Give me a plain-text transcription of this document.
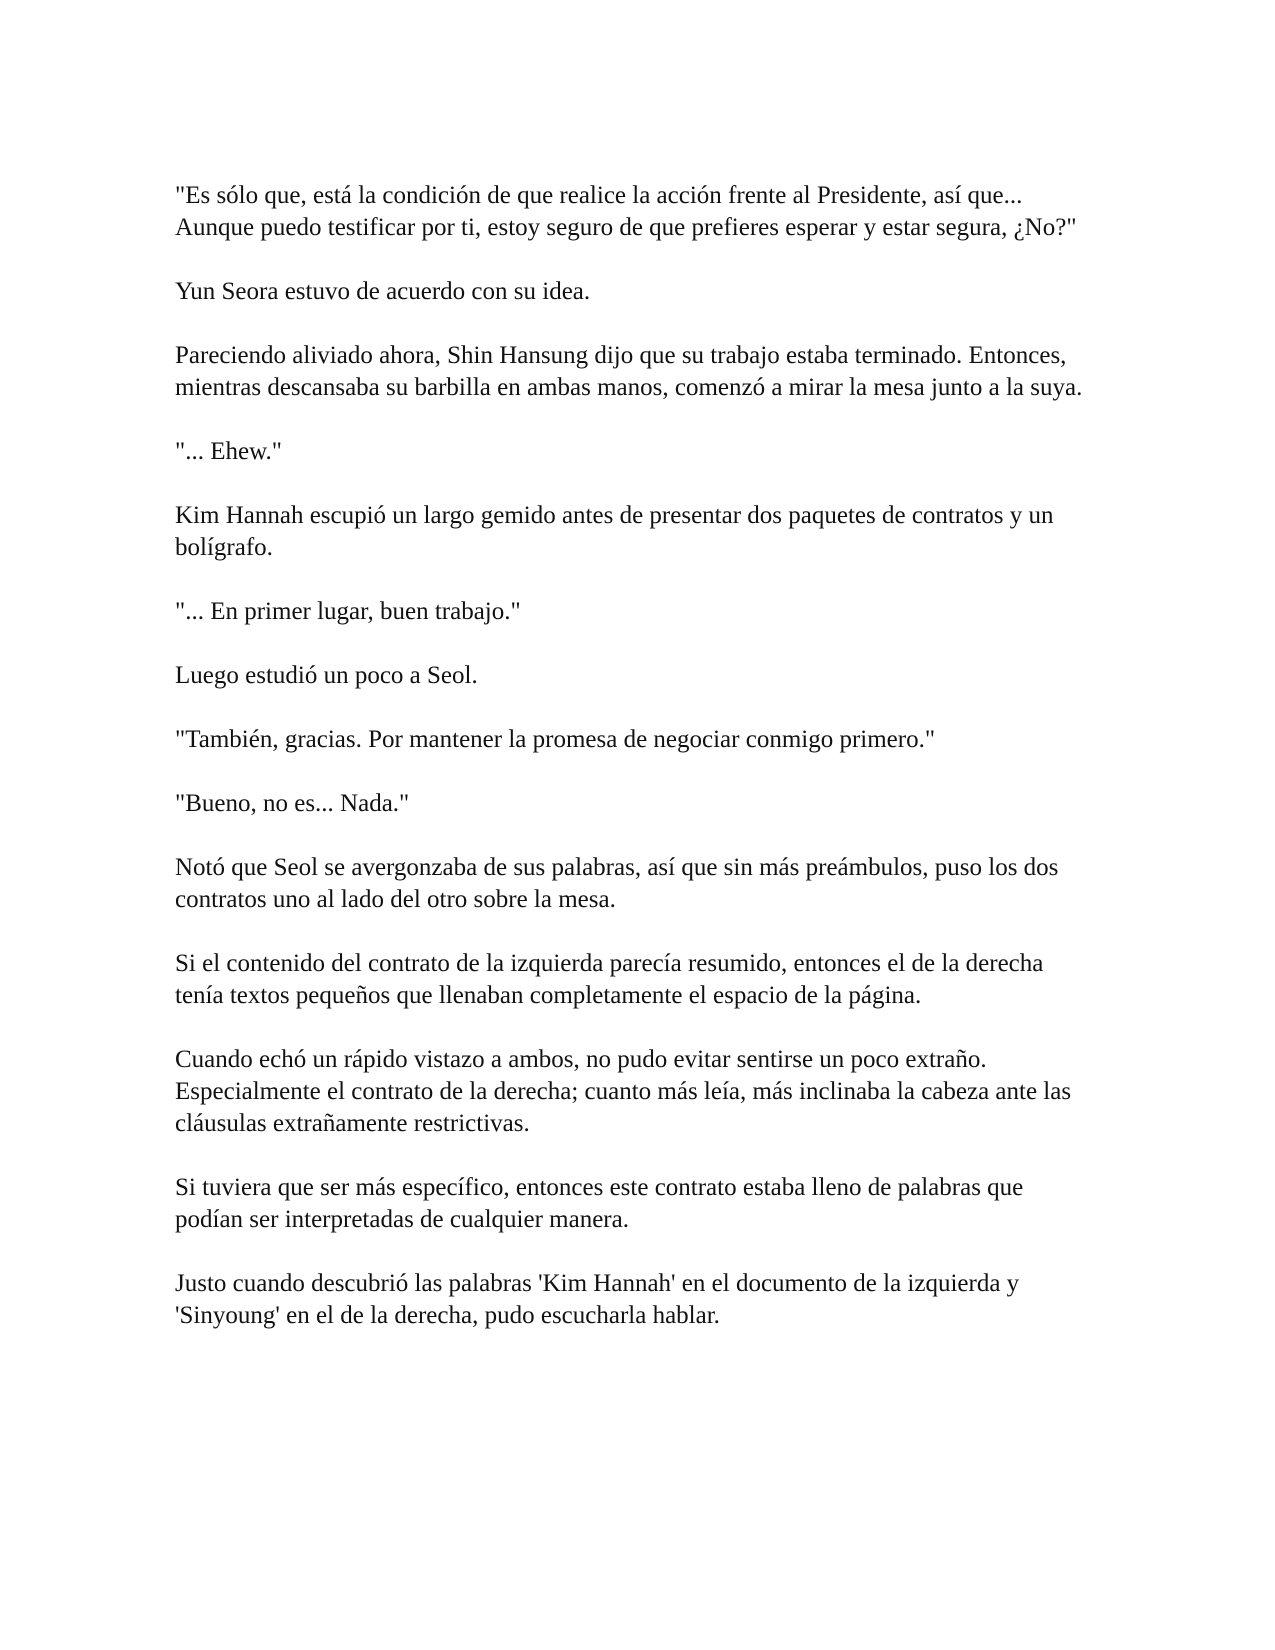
"Es sólo que, está la condición de que realice la acción frente al Presidente, así que... Aunque puedo testificar por ti, estoy seguro de que prefieres esperar y estar segura, ¿No?"

Yun Seora estuvo de acuerdo con su idea.

Pareciendo aliviado ahora, Shin Hansung dijo que su trabajo estaba terminado. Entonces, mientras descansaba su barbilla en ambas manos, comenzó a mirar la mesa junto a la suya.

"... Ehew."

Kim Hannah escupió un largo gemido antes de presentar dos paquetes de contratos y un bolígrafo.

"... En primer lugar, buen trabajo."

Luego estudió un poco a Seol.

"También, gracias. Por mantener la promesa de negociar conmigo primero."

"Bueno, no es... Nada."

Notó que Seol se avergonzaba de sus palabras, así que sin más preámbulos, puso los dos contratos uno al lado del otro sobre la mesa.

Si el contenido del contrato de la izquierda parecía resumido, entonces el de la derecha tenía textos pequeños que llenaban completamente el espacio de la página.

Cuando echó un rápido vistazo a ambos, no pudo evitar sentirse un poco extraño. Especialmente el contrato de la derecha; cuanto más leía, más inclinaba la cabeza ante las cláusulas extrañamente restrictivas.

Si tuviera que ser más específico, entonces este contrato estaba lleno de palabras que podían ser interpretadas de cualquier manera.

Justo cuando descubrió las palabras 'Kim Hannah' en el documento de la izquierda y 'Sinyoung' en el de la derecha, pudo escucharla hablar.
